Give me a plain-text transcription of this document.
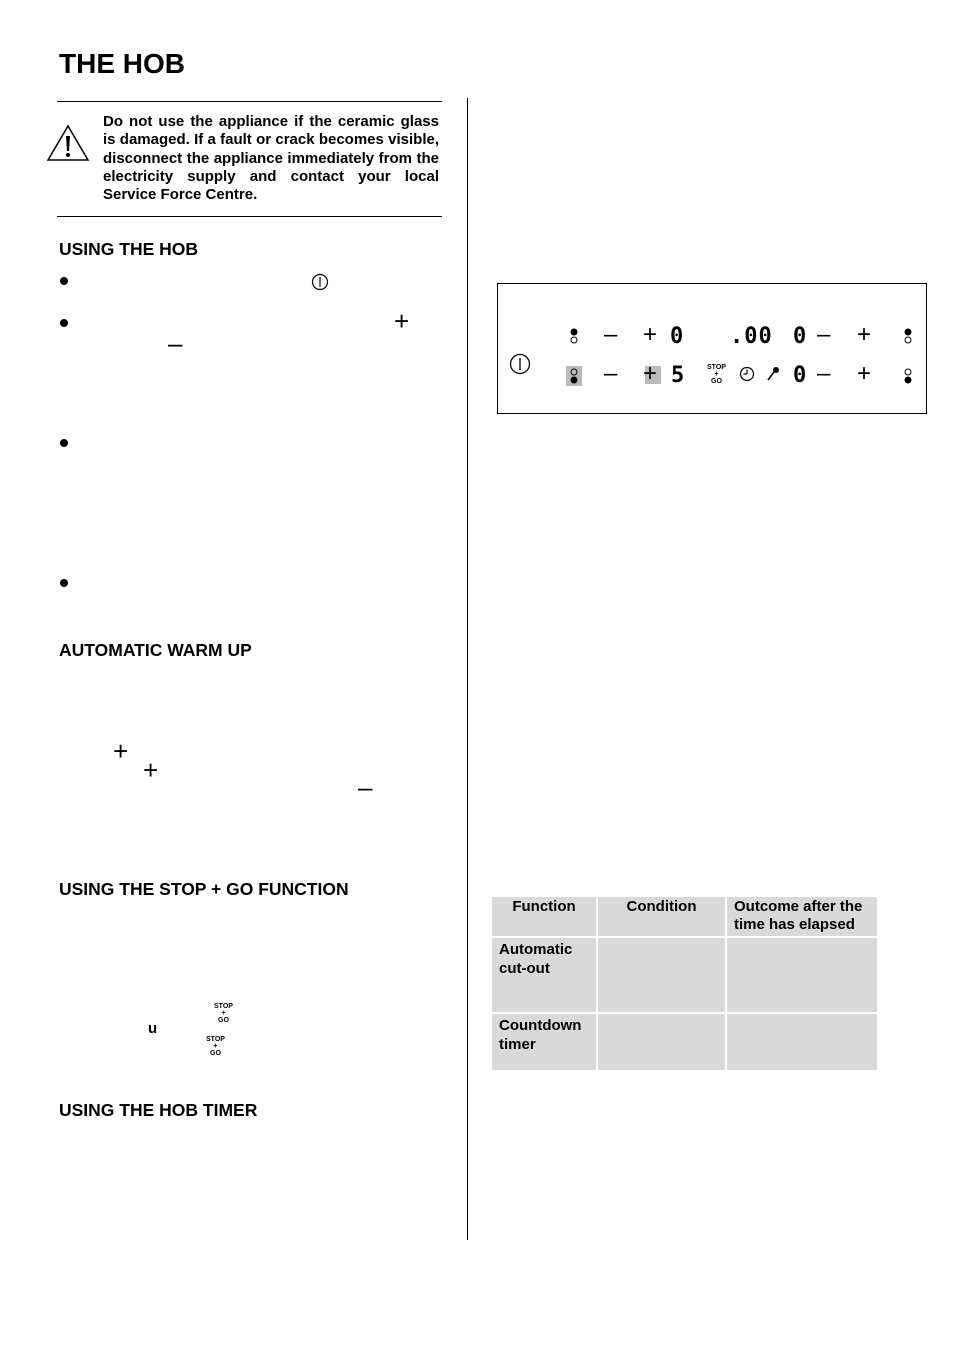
THE HOB

Do not use the appliance if the ceramic glass is damaged. If a fault or crack becomes visible, disconnect the appliance immediately from the electricity supply and contact your local Service Force Centre.

USING THE HOB
AUTOMATIC WARM UP
USING THE STOP + GO FUNCTION
USING THE HOB TIMER
+
–
+
+
–
STOP
+
GO
u
STOP
+
GO
– + 0 .00 0 – +
– + 5	STOP
+
GO	0 – +
Function	Condition	Outcome after the time has elapsed
Automatic cut-out		
Countdown timer		
